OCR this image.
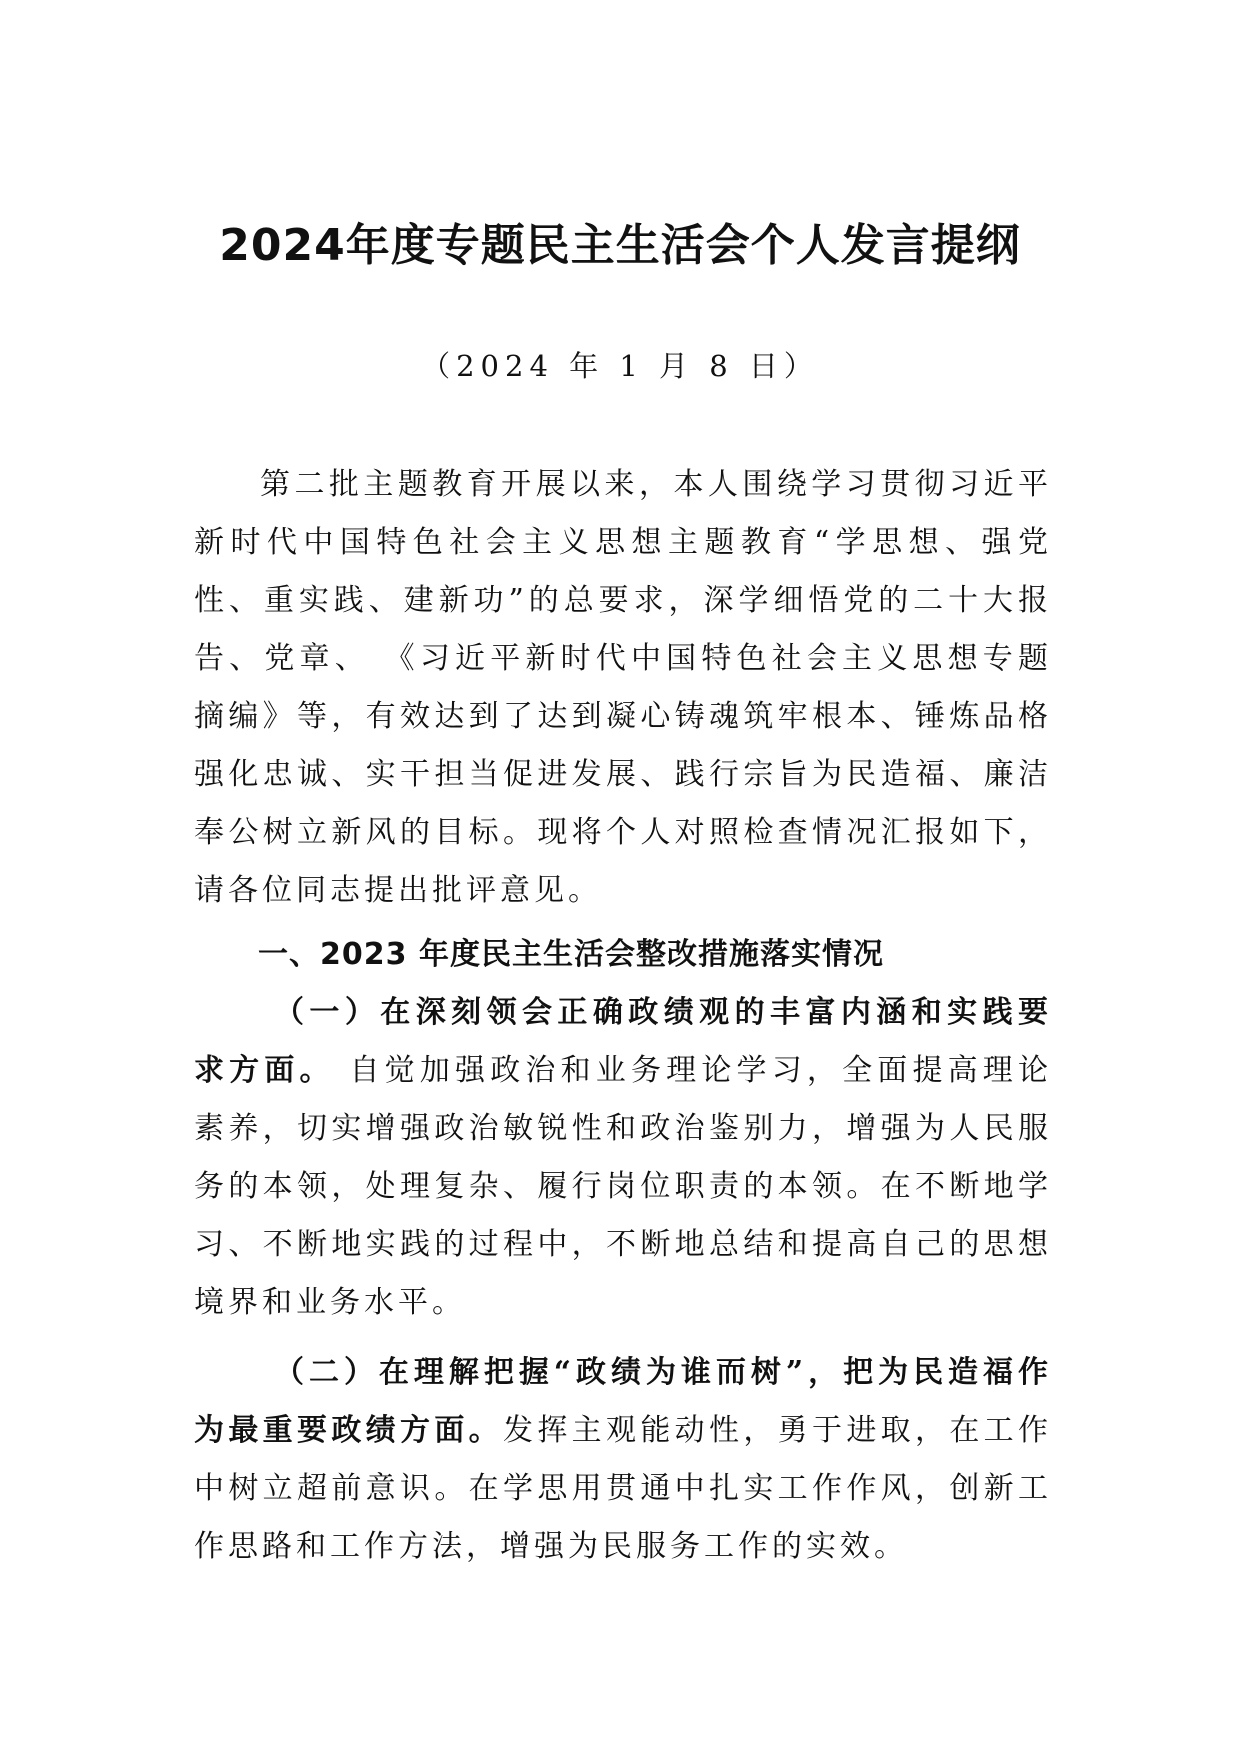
2024年度专题民主生活会个人发言提纲
（2024 年 1 月 8 日）

第二批主题教育开展以来，本人围绕学习贯彻习近平新时代中国特色社会主义思想主题教育“学思想、强党性、重实践、建新功”的总要求，深学细悟党的二十大报告、党章、 《习近平新时代中国特色社会主义思想专题摘编》等，有效达到了达到凝心铸魂筑牢根本、锤炼品格强化忠诚、实干担当促进发展、践行宗旨为民造福、廉洁奉公树立新风的目标。现将个人对照检查情况汇报如下，请各位同志提出批评意见。

一、2023 年度民主生活会整改措施落实情况

（一）在深刻领会正确政绩观的丰富内涵和实践要求方面。 自觉加强政治和业务理论学习，全面提高理论素养，切实增强政治敏锐性和政治鉴别力，增强为人民服务的本领，处理复杂、履行岗位职责的本领。在不断地学习、不断地实践的过程中，不断地总结和提高自己的思想境界和业务水平。

（二）在理解把握“政绩为谁而树”，把为民造福作为最重要政绩方面。发挥主观能动性，勇于进取，在工作中树立超前意识。在学思用贯通中扎实工作作风，创新工作思路和工作方法，增强为民服务工作的实效。
